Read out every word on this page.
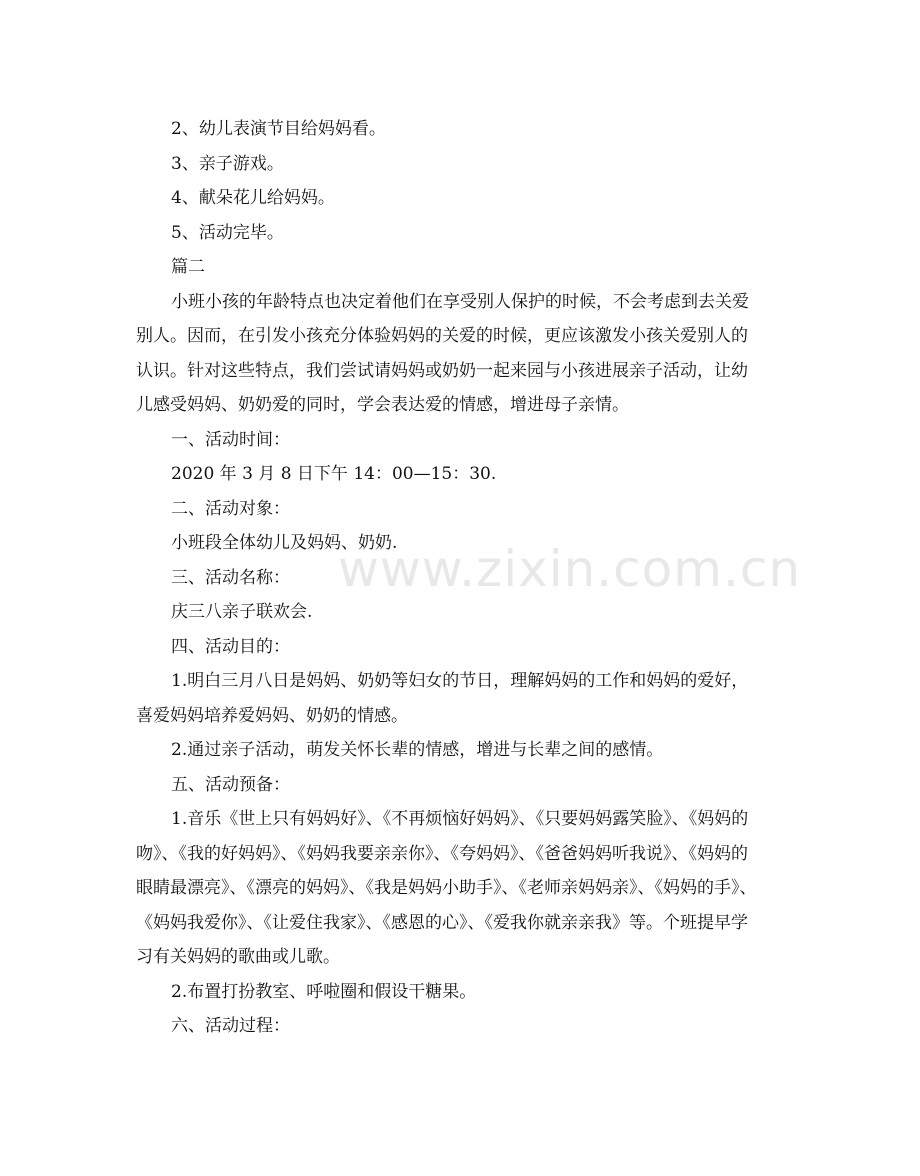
2、幼儿表演节目给妈妈看。
3、亲子游戏。
4、献朵花儿给妈妈。
5、活动完毕。
篇二
小班小孩的年龄特点也决定着他们在享受别人保护的时候，不会考虑到去关爱
别人。因而，在引发小孩充分体验妈妈的关爱的时候，更应该激发小孩关爱别人的
认识。针对这些特点，我们尝试请妈妈或奶奶一起来园与小孩进展亲子活动，让幼
儿感受妈妈、奶奶爱的同时，学会表达爱的情感，增进母子亲情。
一、活动时间：
2020 年 3 月 8 日下午 14：00—15：30.
二、活动对象：
小班段全体幼儿及妈妈、奶奶.
三、活动名称：
庆三八亲子联欢会.
四、活动目的：
1.明白三月八日是妈妈、奶奶等妇女的节日，理解妈妈的工作和妈妈的爱好，
喜爱妈妈培养爱妈妈、奶奶的情感。
2.通过亲子活动，萌发关怀长辈的情感，增进与长辈之间的感情。
五、活动预备：
1.音乐《世上只有妈妈好》、《不再烦恼好妈妈》、《只要妈妈露笑脸》、《妈妈的
吻》、《我的好妈妈》、《妈妈我要亲亲你》、《夸妈妈》、《爸爸妈妈听我说》、《妈妈的
眼睛最漂亮》、《漂亮的妈妈》、《我是妈妈小助手》、《老师亲妈妈亲》、《妈妈的手》、
《妈妈我爱你》、《让爱住我家》、《感恩的心》、《爱我你就亲亲我》等。个班提早学
习有关妈妈的歌曲或儿歌。
2.布置打扮教室、呼啦圈和假设干糖果。
六、活动过程：
www.zixin.com.cn
